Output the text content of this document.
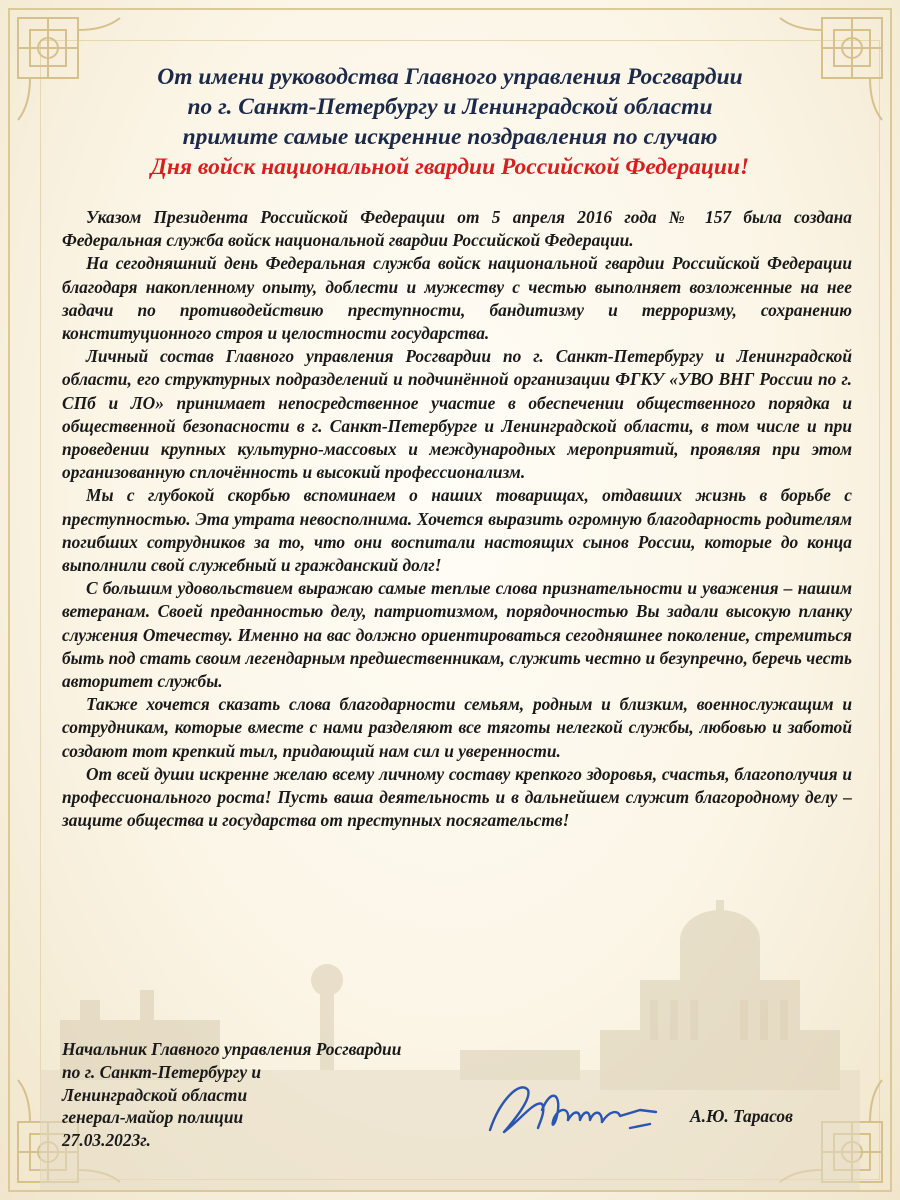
От имени руководства Главного управления Росгвардии
по г. Санкт-Петербургу и Ленинградской области
примите самые искренние поздравления по случаю
Дня войск национальной гвардии Российской Федерации!

Указом Президента Российской Федерации от 5 апреля 2016 года № 157 была создана Федеральная служба войск национальной гвардии Российской Федерации.

На сегодняшний день Федеральная служба войск национальной гвардии Российской Федерации благодаря накопленному опыту, доблести и мужеству с честью выполняет возложенные на нее задачи по противодействию преступности, бандитизму и терроризму, сохранению конституционного строя и целостности государства.

Личный состав Главного управления Росгвардии по г. Санкт-Петербургу и Ленинградской области, его структурных подразделений и подчинённой организации ФГКУ «УВО ВНГ России по г. СПб и ЛО» принимает непосредственное участие в обеспечении общественного порядка и общественной безопасности в г. Санкт-Петербурге и Ленинградской области, в том числе и при проведении крупных культурно-массовых и международных мероприятий, проявляя при этом организованную сплочённость и высокий профессионализм.

Мы с глубокой скорбью вспоминаем о наших товарищах, отдавших жизнь в борьбе с преступностью. Эта утрата невосполнима. Хочется выразить огромную благодарность родителям погибших сотрудников за то, что они воспитали настоящих сынов России, которые до конца выполнили свой служебный и гражданский долг!

С большим удовольствием выражаю самые теплые слова признательности и уважения – нашим ветеранам. Своей преданностью делу, патриотизмом, порядочностью Вы задали высокую планку служения Отечеству. Именно на вас должно ориентироваться сегодняшнее поколение, стремиться быть под стать своим легендарным предшественникам, служить честно и безупречно, беречь честь авторитет службы.

Также хочется сказать слова благодарности семьям, родным и близким, военнослужащим и сотрудникам, которые вместе с нами разделяют все тяготы нелегкой службы, любовью и заботой создают тот крепкий тыл, придающий нам сил и уверенности.

От всей души искренне желаю всему личному составу крепкого здоровья, счастья, благополучия и профессионального роста! Пусть ваша деятельность и в дальнейшем служит благородному делу – защите общества и государства от преступных посягательств!

Начальник Главного управления Росгвардии
по г. Санкт-Петербургу и
Ленинградской области
генерал-майор полиции
27.03.2023г.
А.Ю. Тарасов
